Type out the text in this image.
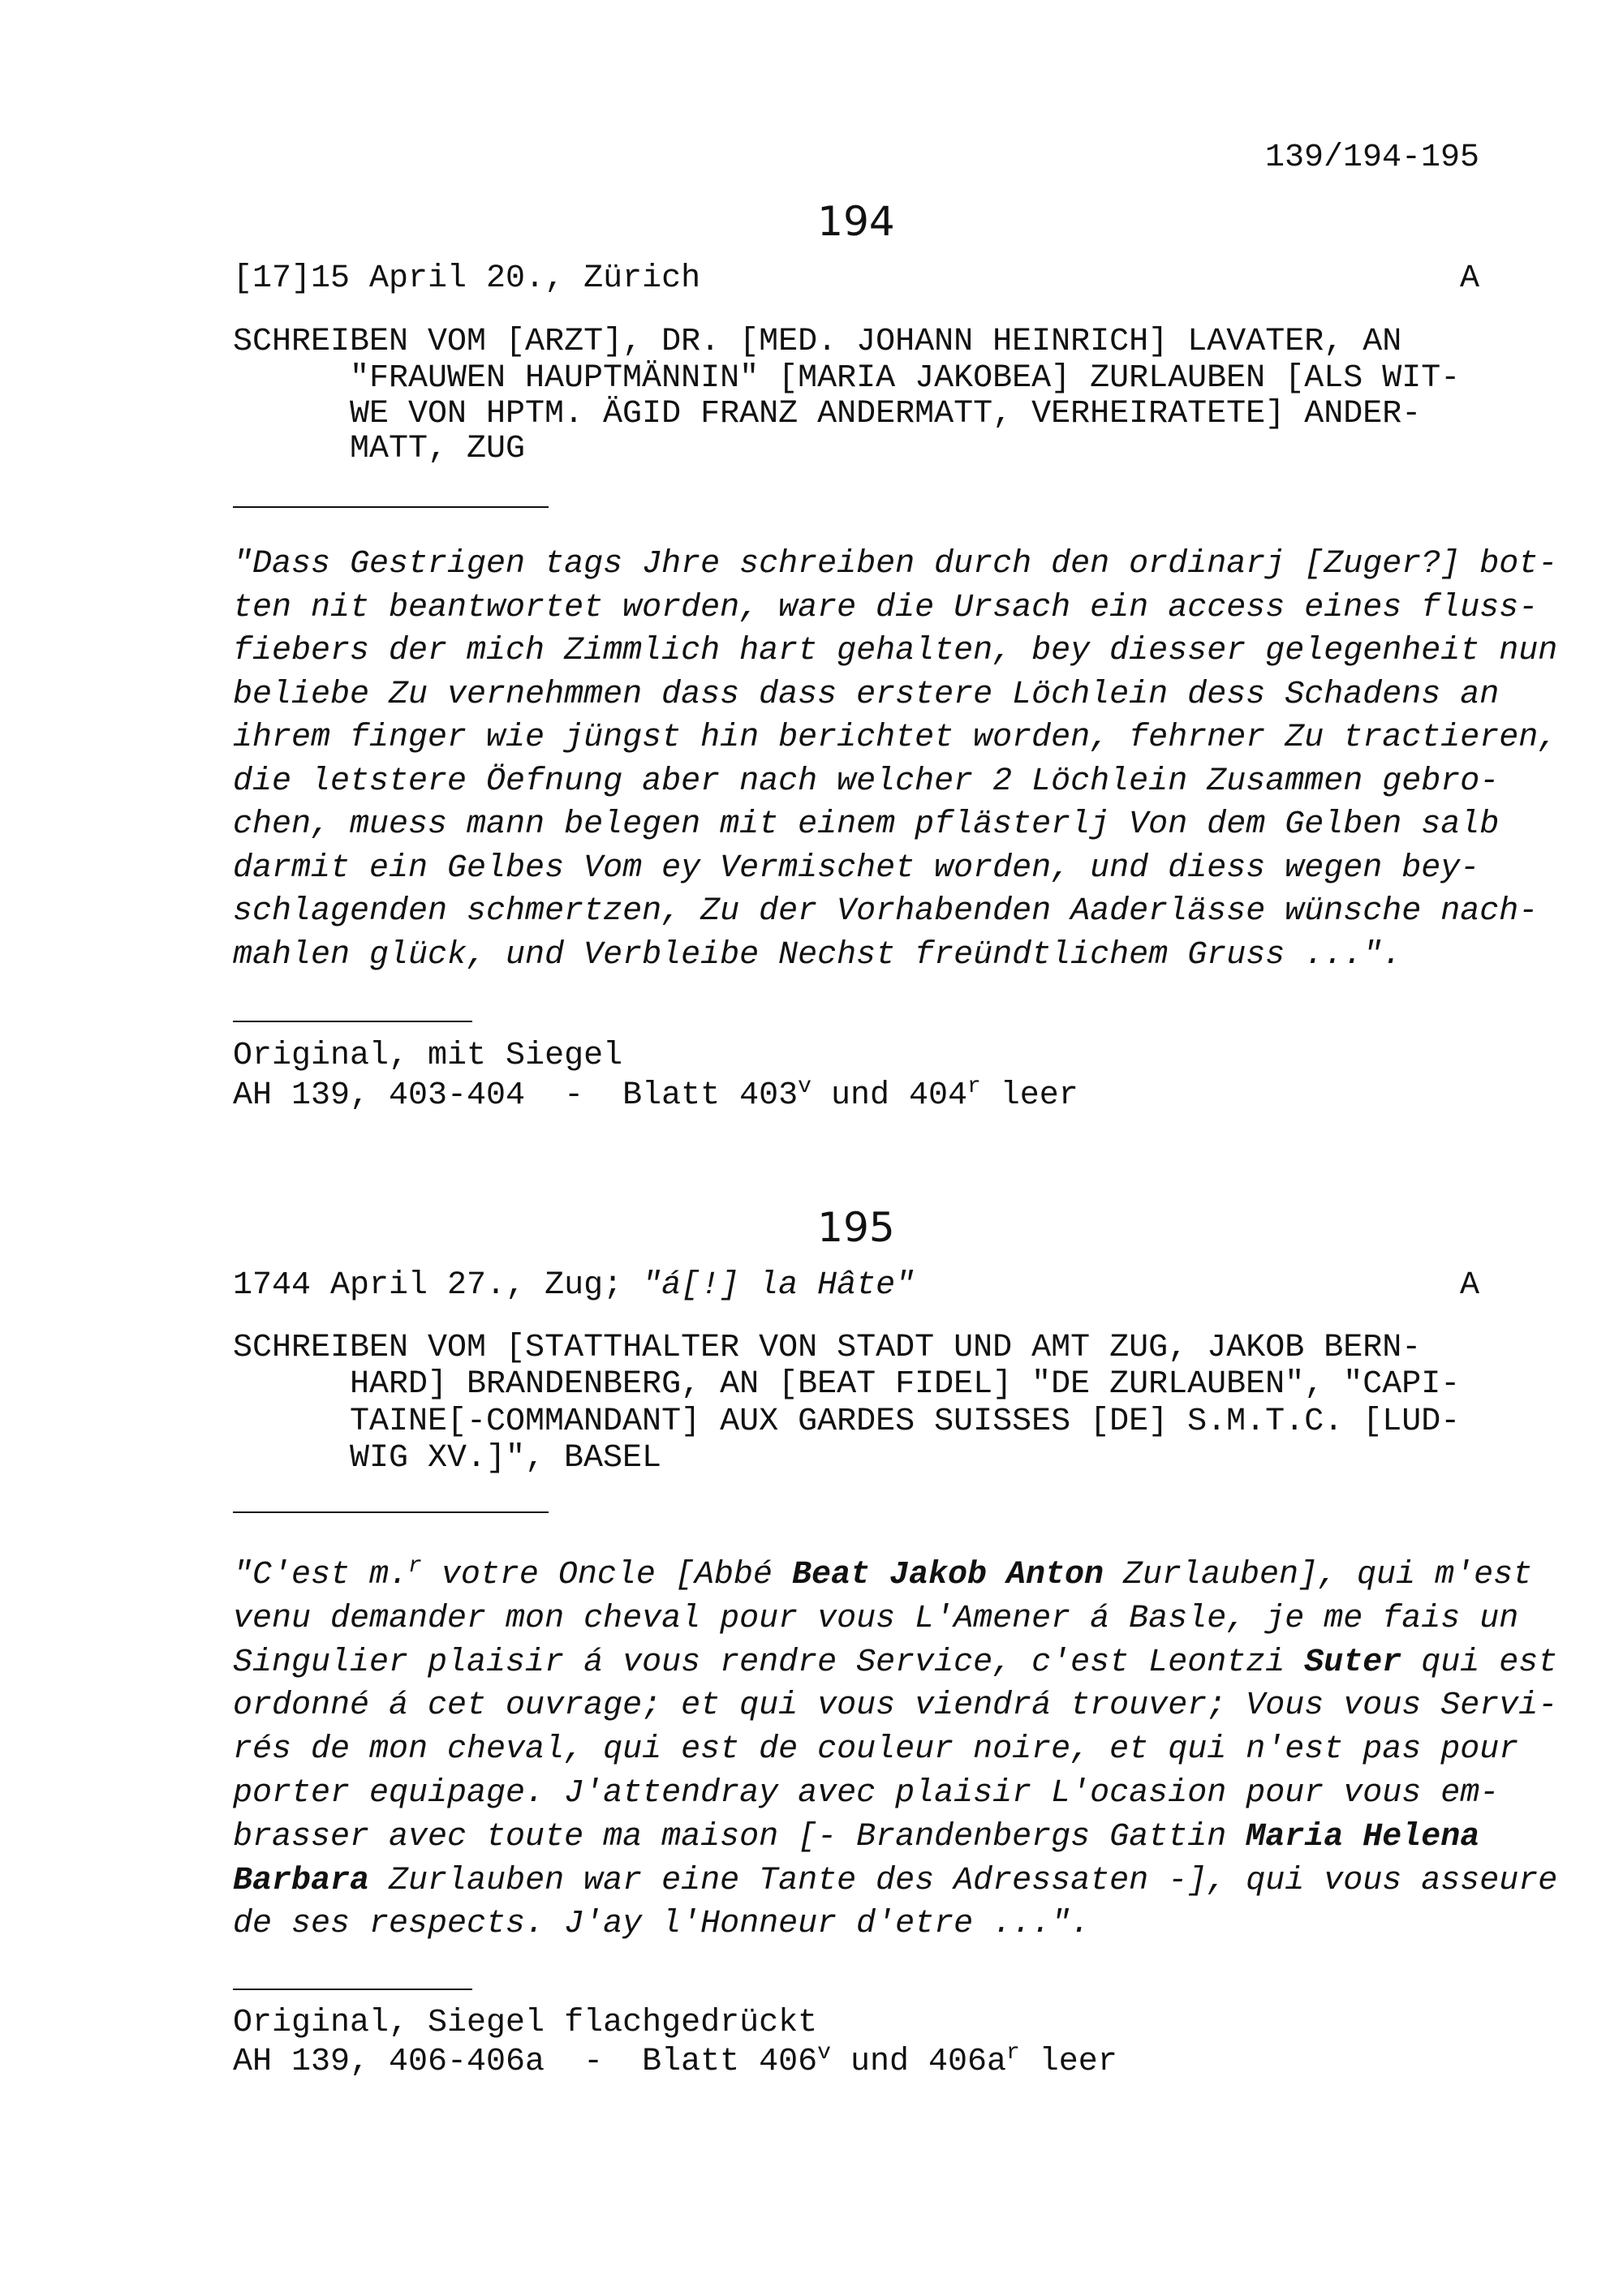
139/194-195
194
[17]15 April 20., Zürich	A
SCHREIBEN VOM [ARZT], DR. [MED. JOHANN HEINRICH] LAVATER, AN
"FRAUWEN HAUPTMÄNNIN" [MARIA JAKOBEA] ZURLAUBEN [ALS WIT-
WE VON HPTM. ÄGID FRANZ ANDERMATT, VERHEIRATETE] ANDER-
MATT, ZUG
"Dass Gestrigen tags Jhre schreiben durch den ordinarj [Zuger?] bot-
ten nit beantwortet worden, ware die Ursach ein access eines fluss-
fiebers der mich Zimmlich hart gehalten, bey diesser gelegenheit nun
beliebe Zu vernehmmen dass dass erstere Löchlein dess Schadens an
ihrem finger wie jüngst hin berichtet worden, fehrner Zu tractieren,
die letstere Öefnung aber nach welcher 2 Löchlein Zusammen gebro-
chen, muess mann belegen mit einem pflästerlj Von dem Gelben salb
darmit ein Gelbes Vom ey Vermischet worden, und diess wegen bey-
schlagenden schmertzen, Zu der Vorhabenden Aaderlässe wünsche nach-
mahlen glück, und Verbleibe Nechst freündtlichem Gruss ...".
Original, mit Siegel
AH 139, 403-404  -  Blatt 403$^v$ und 404$^r$ leer
195
1744 April 27., Zug; "á[!] la Hâte"	A
SCHREIBEN VOM [STATTHALTER VON STADT UND AMT ZUG, JAKOB BERN-
HARD] BRANDENBERG, AN [BEAT FIDEL] "DE ZURLAUBEN", "CAPI-
TAINE[-COMMANDANT] AUX GARDES SUISSES [DE] S.M.T.C. [LUD-
WIG XV.]", BASEL
"C'est m.$^r$ votre Oncle [Abbé Beat Jakob Anton Zurlauben], qui m'est
venu demander mon cheval pour vous L'Amener á Basle, je me fais un
Singulier plaisir á vous rendre Service, c'est Leontzi Suter qui est
ordonné á cet ouvrage; et qui vous viendrá trouver; Vous vous Servi-
rés de mon cheval, qui est de couleur noire, et qui n'est pas pour
porter equipage. J'attendray avec plaisir L'ocasion pour vous em-
brasser avec toute ma maison [- Brandenbergs Gattin Maria Helena
Barbara Zurlauben war eine Tante des Adressaten -], qui vous asseure
de ses respects. J'ay l'Honneur d'etre ...".
Original, Siegel flachgedrückt
AH 139, 406-406a  -  Blatt 406$^v$ und $406a^r$ leer
